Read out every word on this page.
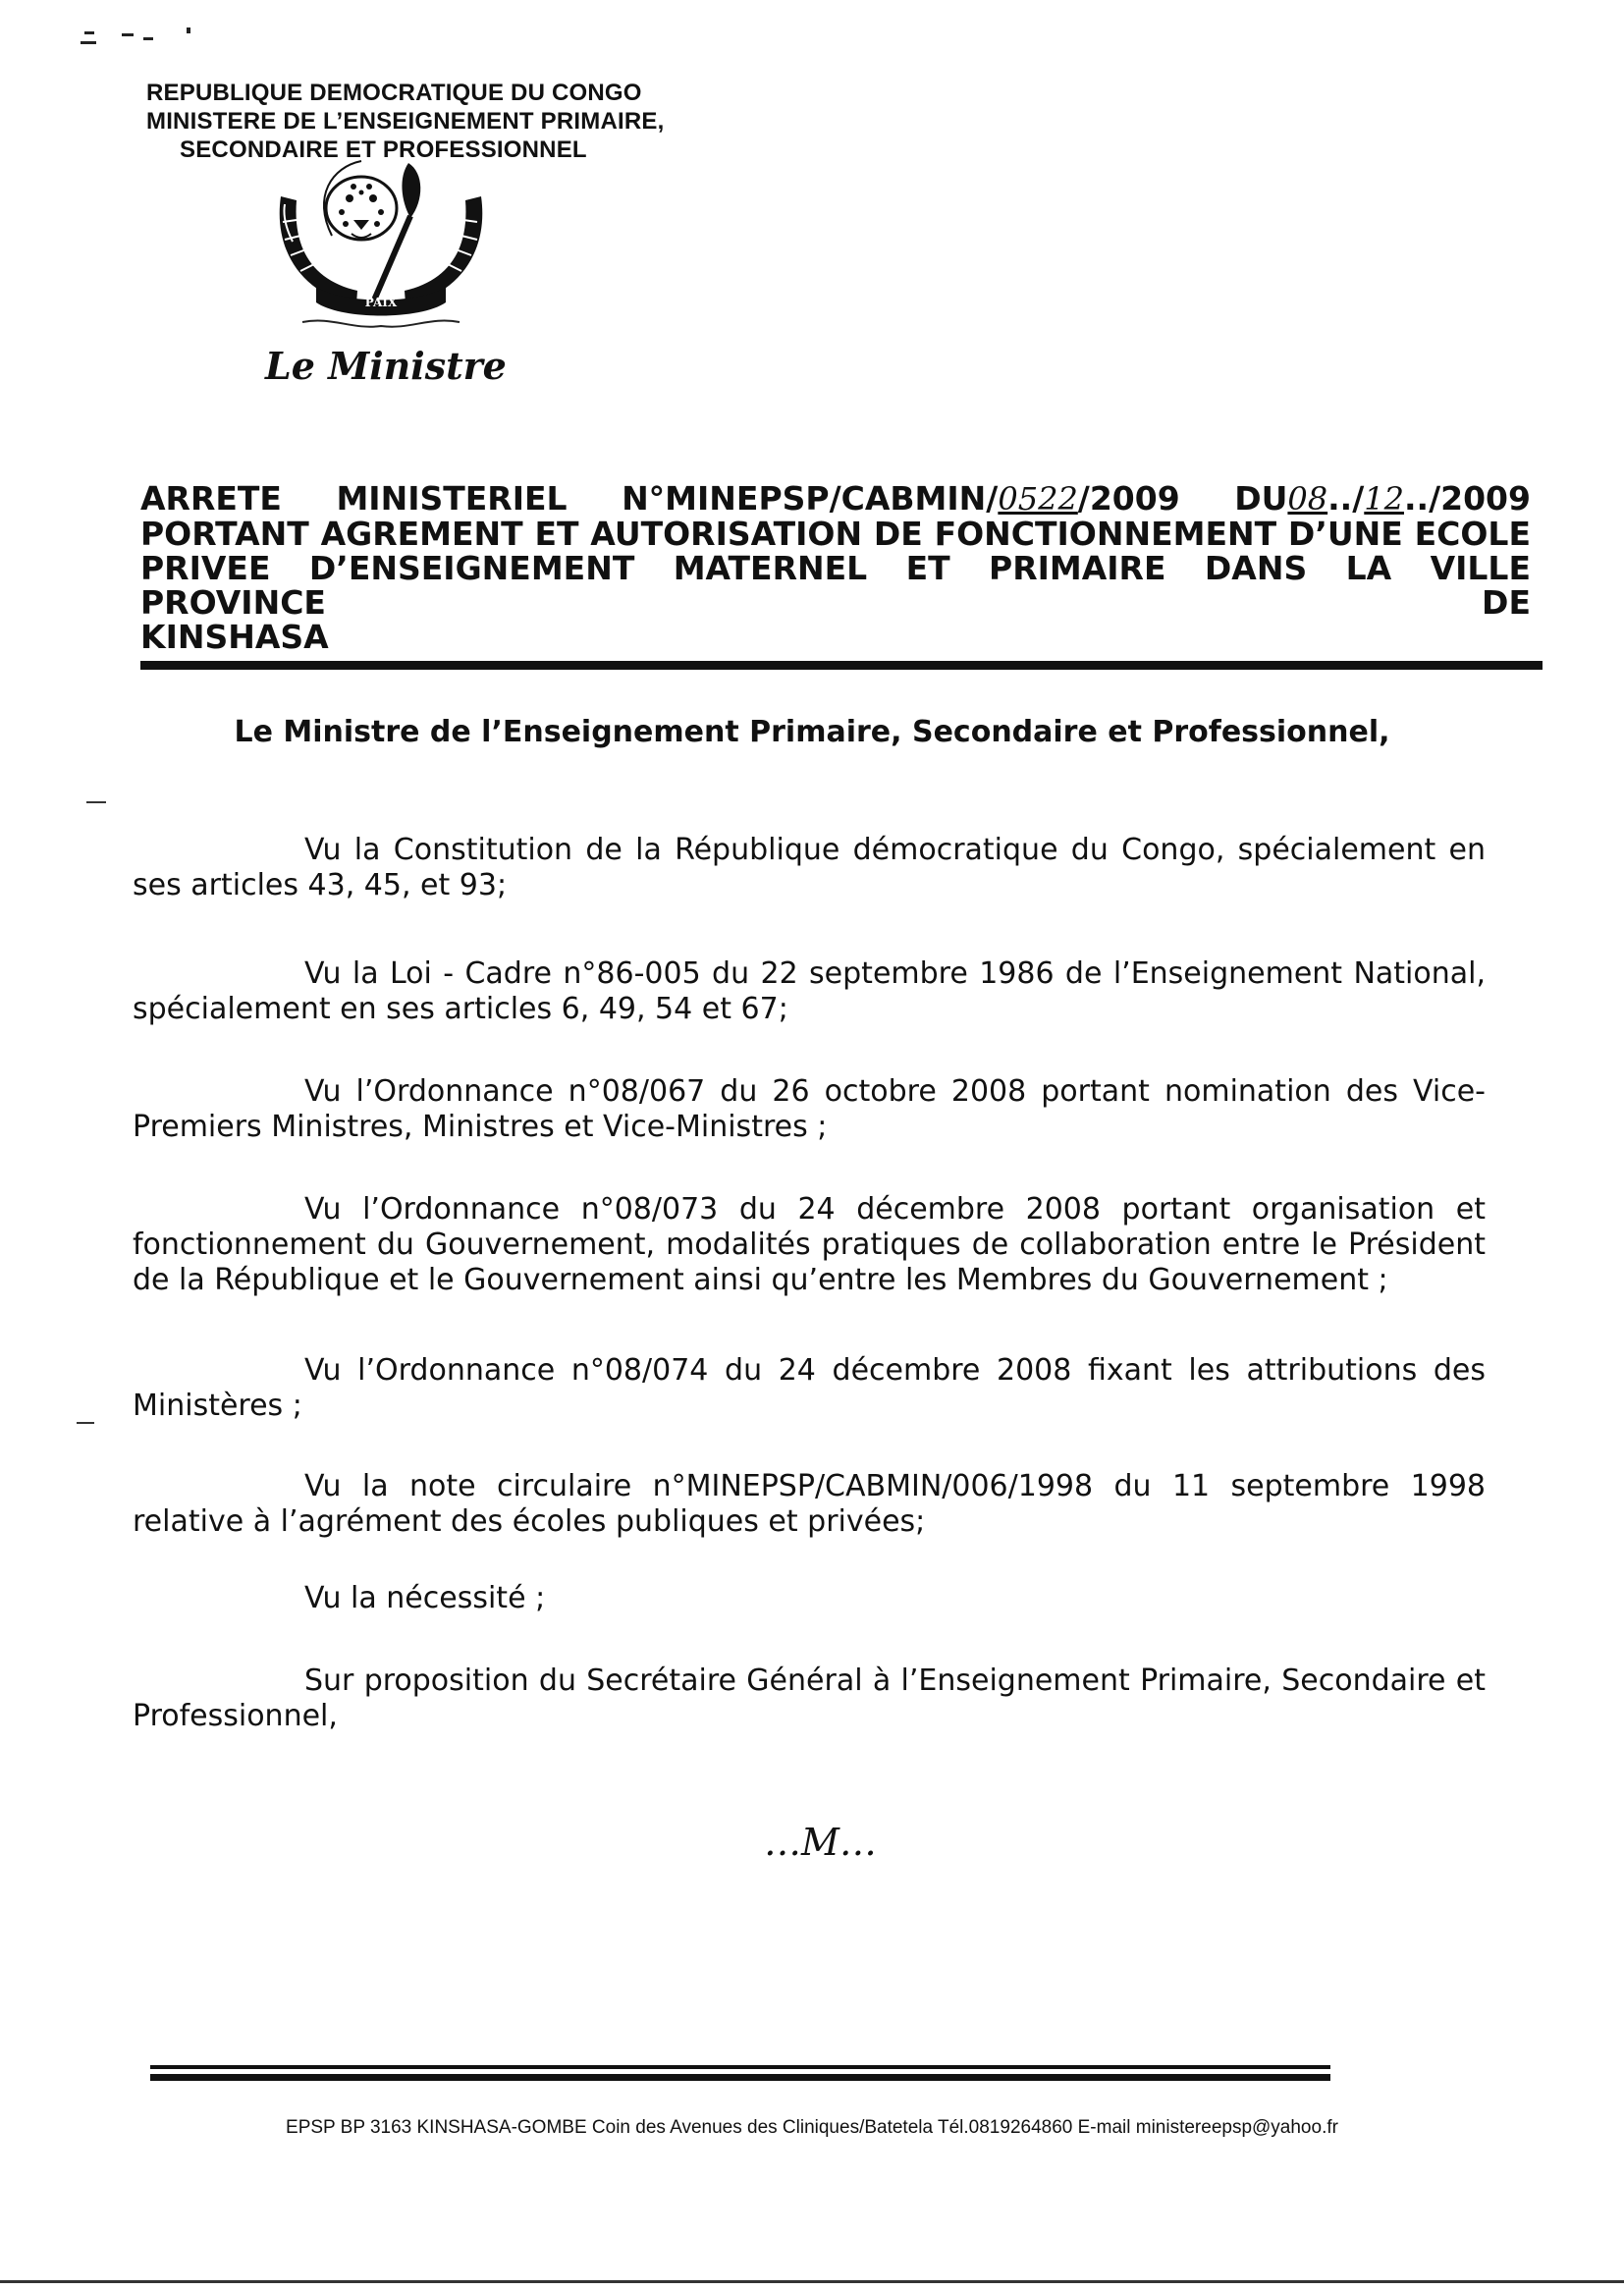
REPUBLIQUE DEMOCRATIQUE DU CONGO
MINISTERE DE L’ENSEIGNEMENT PRIMAIRE,
SECONDAIRE ET PROFESSIONNEL
PAIX
Le Ministre
ARRETE MINISTERIEL N°MINEPSP/CABMIN/0522/2009 DU08../12../2009
PORTANT AGREMENT ET AUTORISATION DE FONCTIONNEMENT D’UNE ECOLE
PRIVEE D’ENSEIGNEMENT MATERNEL ET PRIMAIRE DANS LA VILLE PROVINCE DE
KINSHASA
Le Ministre de l’Enseignement Primaire, Secondaire et Professionnel,
Vu la Constitution de la République démocratique du Congo, spécialement en ses articles 43, 45, et 93;
Vu la Loi - Cadre n°86-005 du 22 septembre 1986 de l’Enseignement National, spécialement en ses articles 6, 49, 54 et 67;
Vu l’Ordonnance n°08/067 du 26 octobre 2008 portant nomination des Vice-Premiers Ministres, Ministres et Vice-Ministres ;
Vu l’Ordonnance n°08/073 du 24 décembre 2008 portant organisation et fonctionnement du Gouvernement, modalités pratiques de collaboration entre le Président de la République et le Gouvernement ainsi qu’entre les Membres du Gouvernement ;
Vu l’Ordonnance n°08/074 du 24 décembre 2008 fixant les attributions des Ministères ;
Vu la note circulaire n°MINEPSP/CABMIN/006/1998 du 11 septembre 1998 relative à l’agrément des écoles publiques et privées;
Vu la nécessité ;
Sur proposition du Secrétaire Général à l’Enseignement Primaire, Secondaire et Professionnel,
…M…
EPSP BP 3163 KINSHASA-GOMBE Coin des Avenues des Cliniques/Batetela Tél.0819264860 E-mail ministereepsp@yahoo.fr
